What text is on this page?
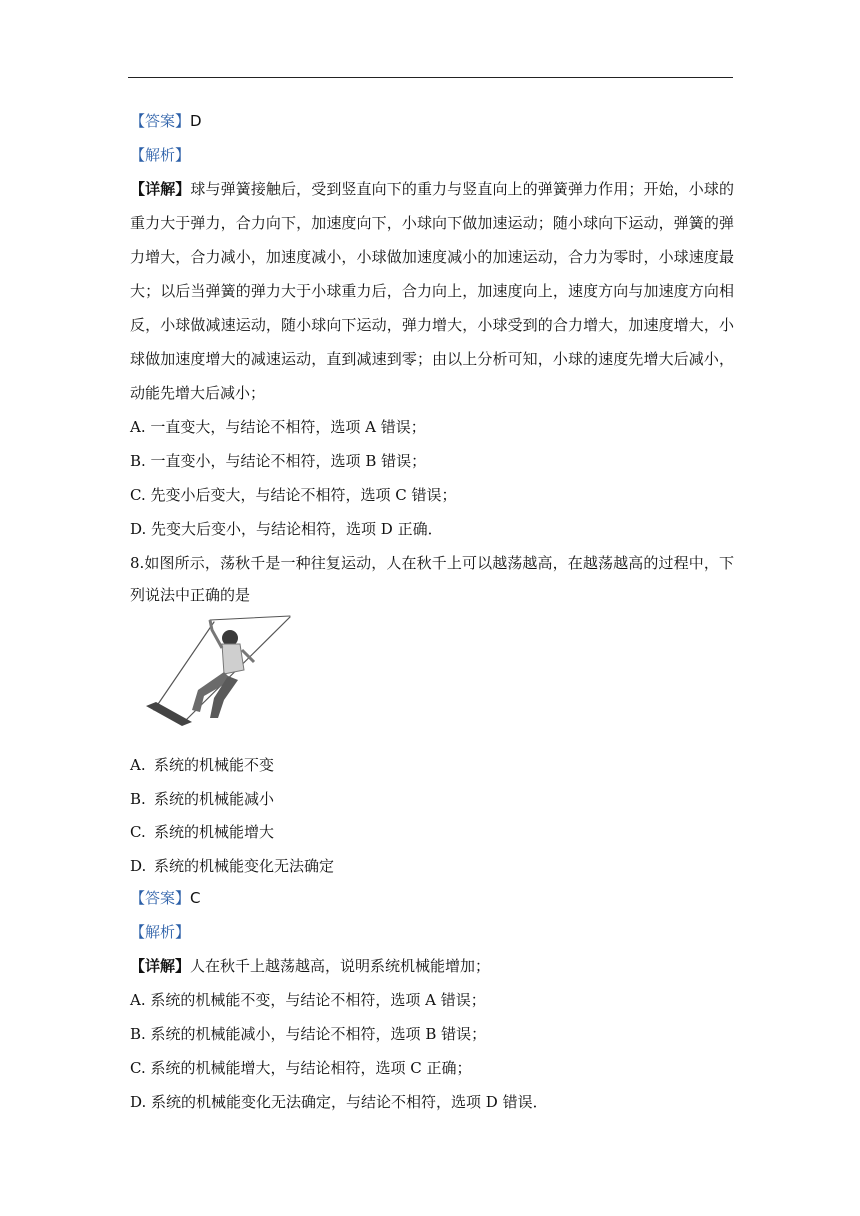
【答案】D
【解析】
【详解】球与弹簧接触后，受到竖直向下的重力与竖直向上的弹簧弹力作用；开始，小球的
重力大于弹力，合力向下，加速度向下，小球向下做加速运动；随小球向下运动，弹簧的弹
力增大，合力减小，加速度减小，小球做加速度减小的加速运动，合力为零时，小球速度最
大；以后当弹簧的弹力大于小球重力后，合力向上，加速度向上，速度方向与加速度方向相
反，小球做减速运动，随小球向下运动，弹力增大，小球受到的合力增大，加速度增大，小
球做加速度增大的减速运动，直到减速到零；由以上分析可知，小球的速度先增大后减小，
动能先增大后减小；
A. 一直变大，与结论不相符，选项 A 错误；
B. 一直变小，与结论不相符，选项 B 错误；
C. 先变小后变大，与结论不相符，选项 C 错误；
D. 先变大后变小，与结论相符，选项 D 正确．
8.如图所示，荡秋千是一种往复运动，人在秋千上可以越荡越高，在越荡越高的过程中，下
列说法中正确的是
A. 系统的机械能不变
B. 系统的机械能减小
C. 系统的机械能增大
D. 系统的机械能变化无法确定
【答案】C
【解析】
【详解】人在秋千上越荡越高，说明系统机械能增加；
A. 系统的机械能不变，与结论不相符，选项 A 错误；
B. 系统的机械能减小，与结论不相符，选项 B 错误；
C. 系统的机械能增大，与结论相符，选项 C 正确；
D. 系统的机械能变化无法确定，与结论不相符，选项 D 错误．
